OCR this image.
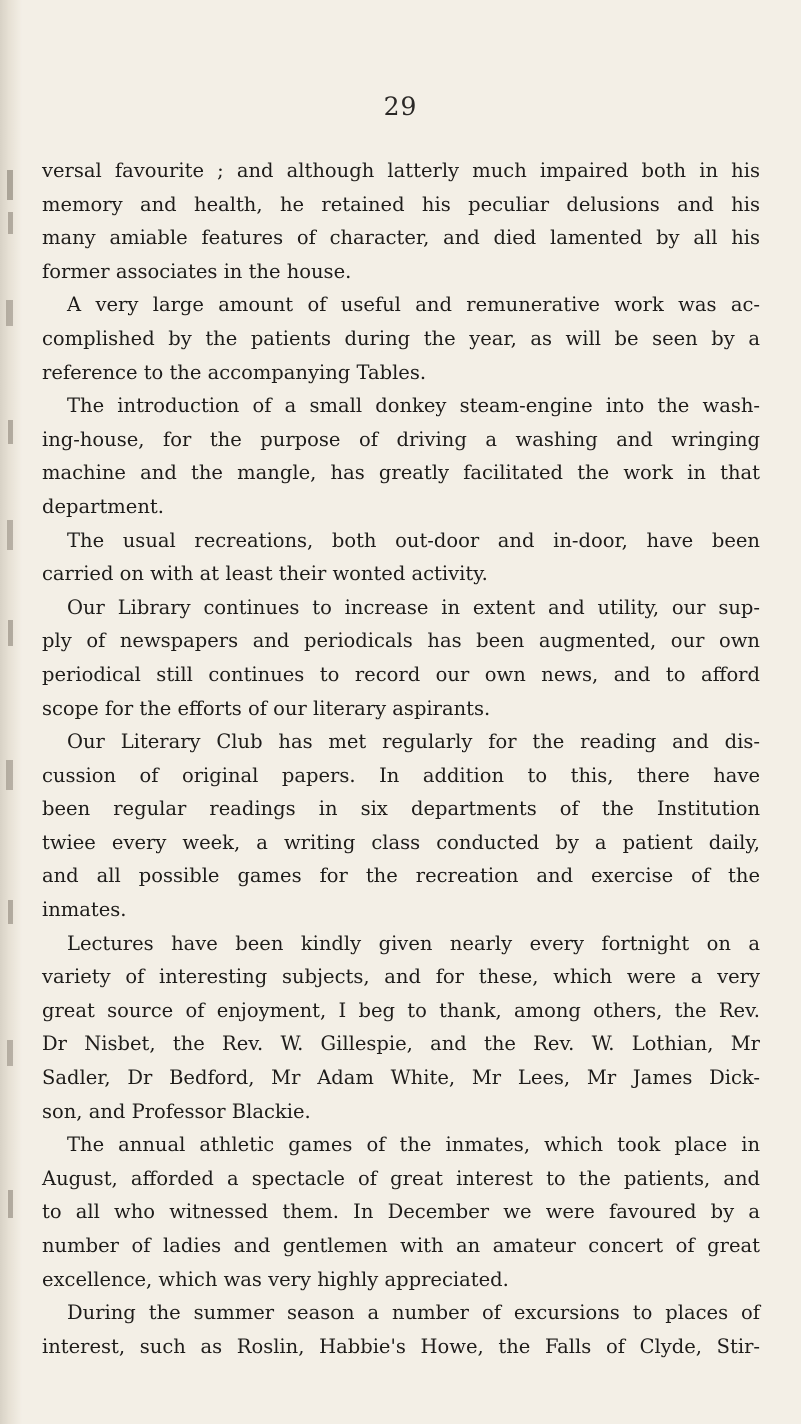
29
versal favourite ; and although latterly much impaired both in his
memory and health, he retained his peculiar delusions and his
many amiable features of character, and died lamented by all his
former associates in the house.
A very large amount of useful and remunerative work was ac-
complished by the patients during the year, as will be seen by a
reference to the accompanying Tables.
The introduction of a small donkey steam-engine into the wash-
ing-house, for the purpose of driving a washing and wringing
machine and the mangle, has greatly facilitated the work in that
department.
The usual recreations, both out-door and in-door, have been
carried on with at least their wonted activity.
Our Library continues to increase in extent and utility, our sup-
ply of newspapers and periodicals has been augmented, our own
periodical still continues to record our own news, and to afford
scope for the efforts of our literary aspirants.
Our Literary Club has met regularly for the reading and dis-
cussion of original papers. In addition to this, there have
been regular readings in six departments of the Institution
twiee every week, a writing class conducted by a patient daily,
and all possible games for the recreation and exercise of the
inmates.
Lectures have been kindly given nearly every fortnight on a
variety of interesting subjects, and for these, which were a very
great source of enjoyment, I beg to thank, among others, the Rev.
Dr Nisbet, the Rev. W. Gillespie, and the Rev. W. Lothian, Mr
Sadler, Dr Bedford, Mr Adam White, Mr Lees, Mr James Dick-
son, and Professor Blackie.
The annual athletic games of the inmates, which took place in
August, afforded a spectacle of great interest to the patients, and
to all who witnessed them. In December we were favoured by a
number of ladies and gentlemen with an amateur concert of great
excellence, which was very highly appreciated.
During the summer season a number of excursions to places of
interest, such as Roslin, Habbie's Howe, the Falls of Clyde, Stir-
